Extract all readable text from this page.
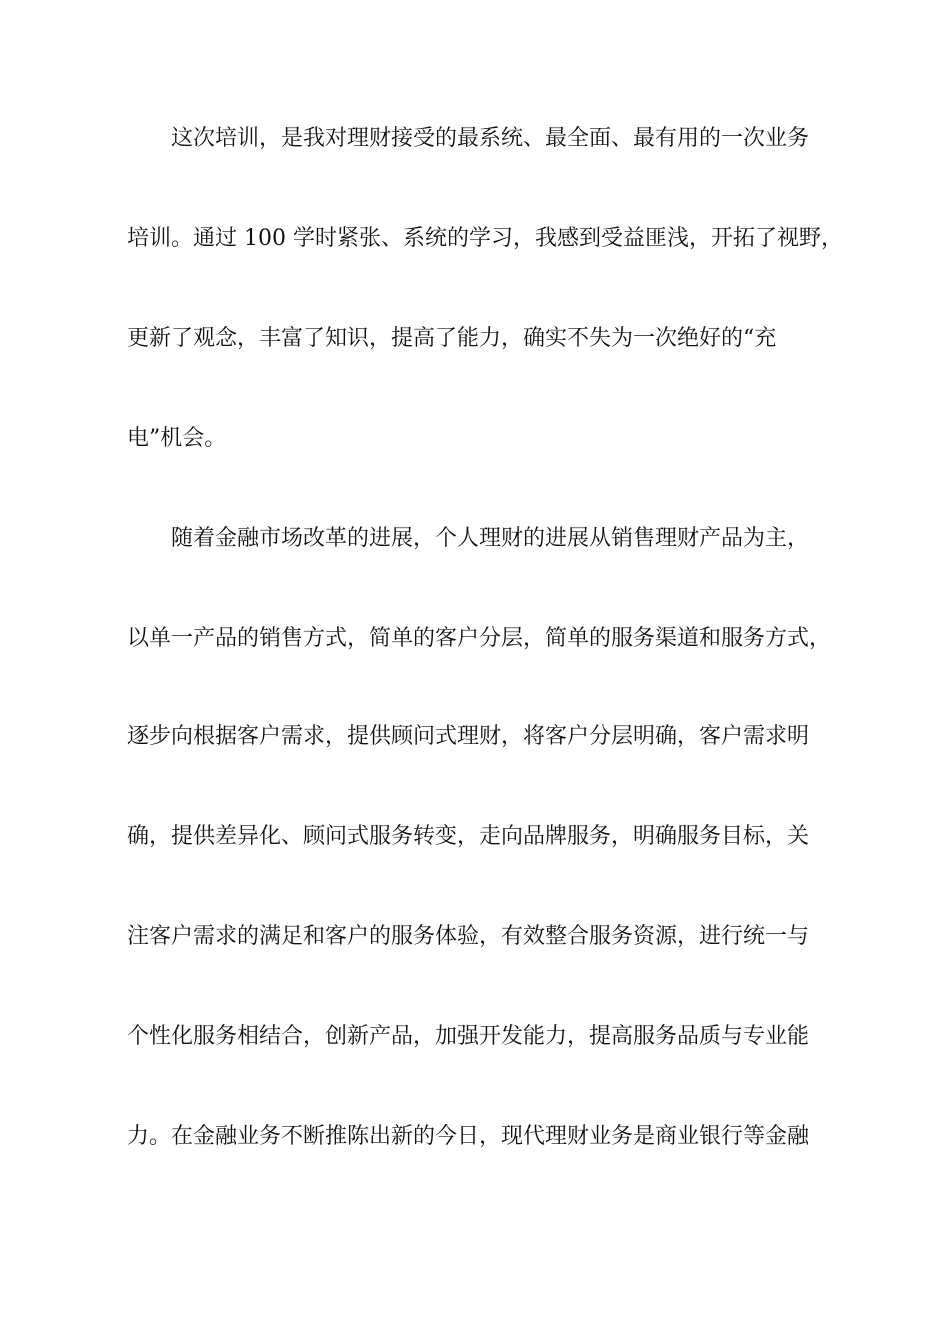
这次培训，是我对理财接受的最系统、最全面、最有用的一次业务
培训。通过 100 学时紧张、系统的学习，我感到受益匪浅，开拓了视野，
更新了观念，丰富了知识，提高了能力，确实不失为一次绝好的“充
电”机会。
随着金融市场改革的进展，个人理财的进展从销售理财产品为主，
以单一产品的销售方式，简单的客户分层，简单的服务渠道和服务方式，
逐步向根据客户需求，提供顾问式理财，将客户分层明确，客户需求明
确，提供差异化、顾问式服务转变，走向品牌服务，明确服务目标，关
注客户需求的满足和客户的服务体验，有效整合服务资源，进行统一与
个性化服务相结合，创新产品，加强开发能力，提高服务品质与专业能
力。在金融业务不断推陈出新的今日，现代理财业务是商业银行等金融
